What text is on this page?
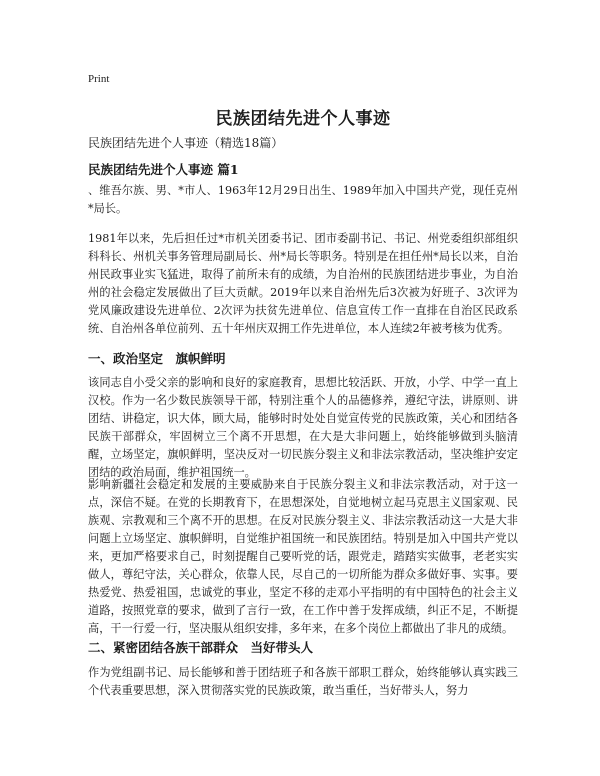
Print
民族团结先进个人事迹
民族团结先进个人事迹（精选18篇）
民族团结先进个人事迹 篇1
、维吾尔族、男、*市人、1963年12月29日出生、1989年加入中国共产党，现任克州*局长。
1981年以来，先后担任过*市机关团委书记、团市委副书记、书记、州党委组织部组织科科长、州机关事务管理局副局长、州*局长等职务。特别是在担任州*局长以来，自治州民政事业实飞猛进，取得了前所未有的成绩，为自治州的民族团结进步事业，为自治州的社会稳定发展做出了巨大贡献。2019年以来自治州先后3次被为好班子、3次评为党风廉政建设先进单位、2次评为扶贫先进单位、信息宣传工作一直排在自治区民政系统、自治州各单位前列、五十年州庆双拥工作先进单位，本人连续2年被考核为优秀。
一、政治坚定　旗帜鲜明
该同志自小受父亲的影响和良好的家庭教育，思想比较活跃、开放，小学、中学一直上汉校。作为一名少数民族领导干部，特别注重个人的品德修养，遵纪守法，讲原则、讲团结、讲稳定，识大体，顾大局，能够时时处处自觉宣传党的民族政策，关心和团结各民族干部群众，牢固树立三个离不开思想，在大是大非问题上，始终能够做到头脑清醒，立场坚定，旗帜鲜明，坚决反对一切民族分裂主义和非法宗教活动，坚决维护安定团结的政治局面，维护祖国统一。
影响新疆社会稳定和发展的主要威胁来自于民族分裂主义和非法宗教活动，对于这一点，深信不疑。在党的长期教育下，在思想深处，自觉地树立起马克思主义国家观、民族观、宗教观和三个离不开的思想。在反对民族分裂主义、非法宗教活动这一大是大非问题上立场坚定、旗帜鲜明，自觉维护祖国统一和民族团结。特别是加入中国共产党以来，更加严格要求自己，时刻提醒自己要听党的话，跟党走，踏踏实实做事，老老实实做人，尊纪守法，关心群众，依靠人民，尽自己的一切所能为群众多做好事、实事。要热爱党、热爱祖国，忠诚党的事业，坚定不移的走邓小平指明的有中国特色的社会主义道路，按照党章的要求，做到了言行一致，在工作中善于发挥成绩，纠正不足，不断提高，干一行爱一行，坚决服从组织安排，多年来，在多个岗位上都做出了非凡的成绩。
二、紧密团结各族干部群众　当好带头人
作为党组副书记、局长能够和善于团结班子和各族干部职工群众，始终能够认真实践三个代表重要思想，深入贯彻落实党的民族政策，敢当重任，当好带头人，努力
